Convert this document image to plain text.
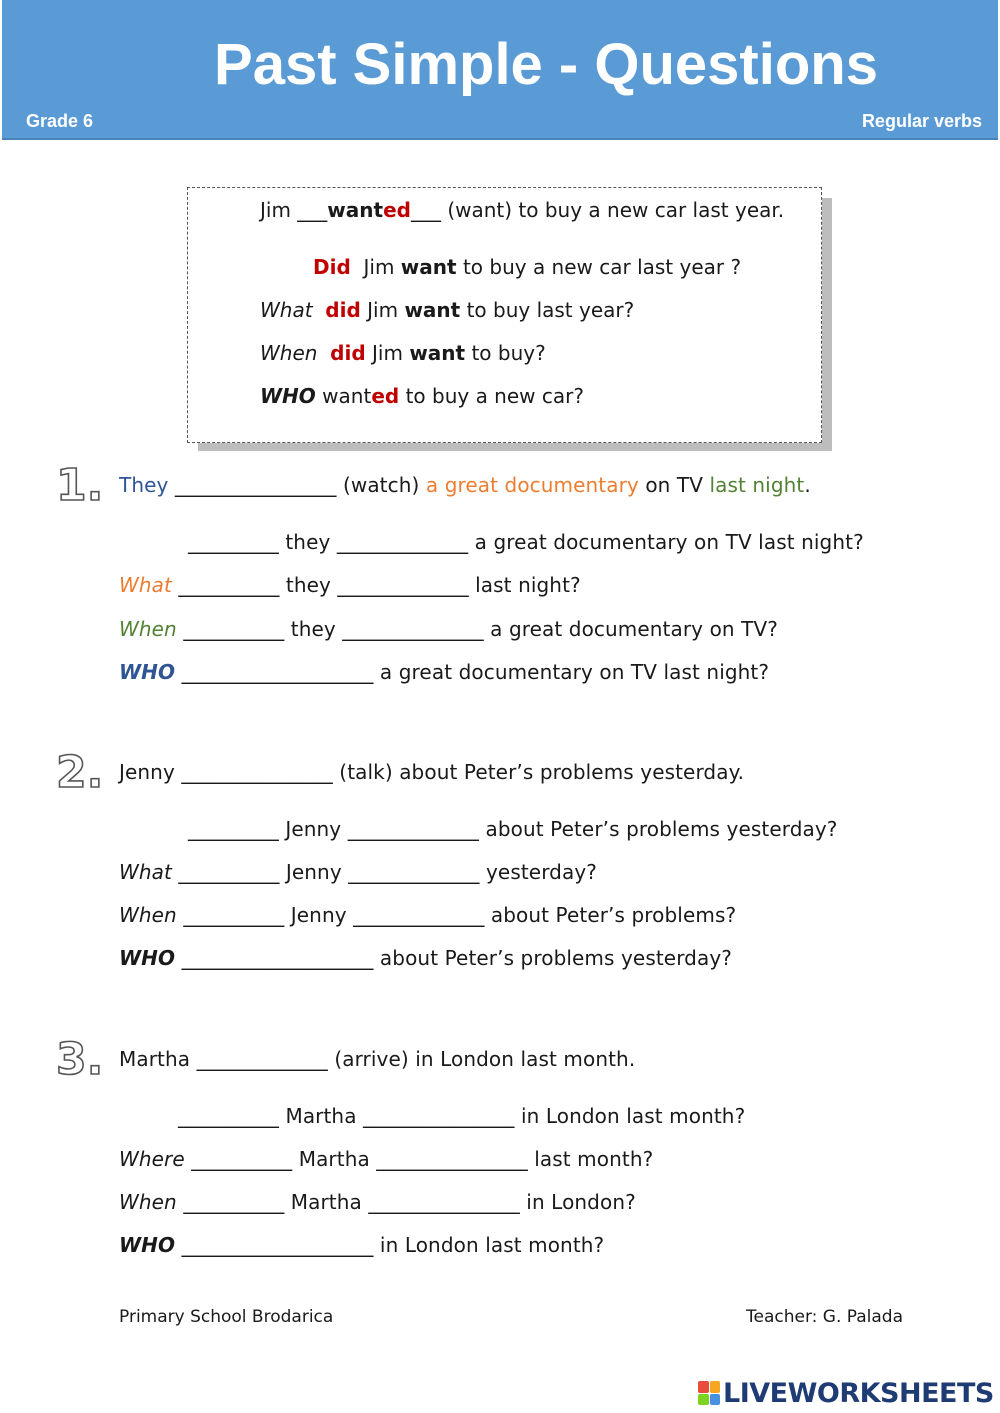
Past Simple - Questions
Grade 6	Regular verbs
Jim ___wanted___ (want) to buy a new car last year.
Did Jim want to buy a new car last year ?
What did Jim want to buy last year?
When did Jim want to buy?
WHO wanted to buy a new car?
1. They ________________ (watch) a great documentary on TV last night.
_________ they _____________ a great documentary on TV last night?
What __________ they _____________ last night?
When __________ they ______________ a great documentary on TV?
WHO ___________________ a great documentary on TV last night?
2. Jenny _______________ (talk) about Peter’s problems yesterday.
_________ Jenny _____________ about Peter’s problems yesterday?
What __________ Jenny _____________ yesterday?
When __________ Jenny _____________ about Peter’s problems?
WHO ___________________ about Peter’s problems yesterday?
3. Martha _____________ (arrive) in London last month.
__________ Martha _______________ in London last month?
Where __________ Martha _______________ last month?
When __________ Martha _______________ in London?
WHO ___________________ in London last month?
Primary School Brodarica	Teacher: G. Palada
LIVEWORKSHEETS
